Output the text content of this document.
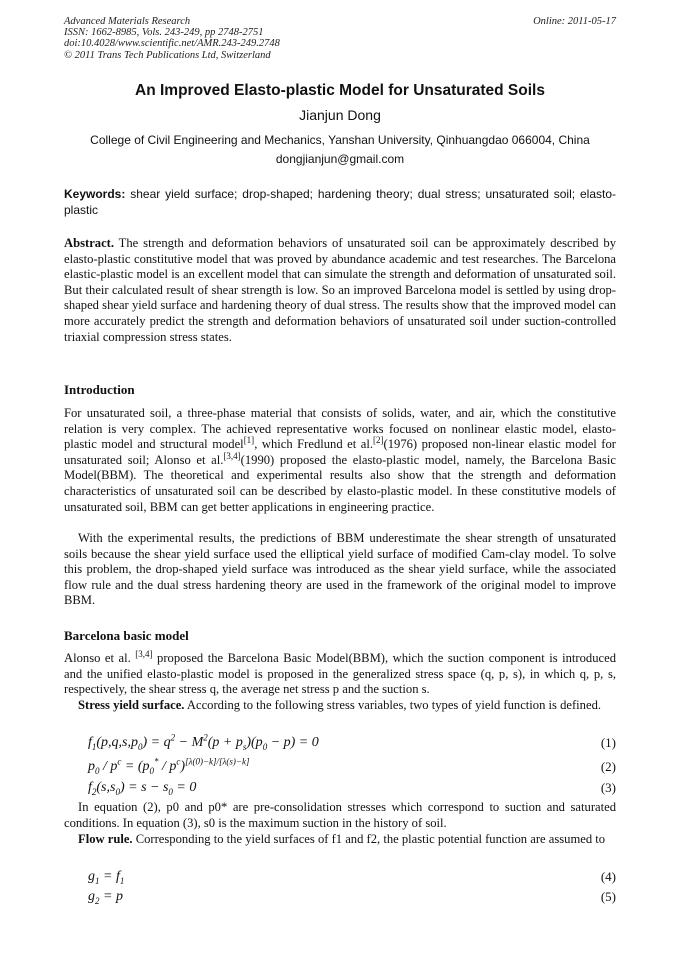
Advanced Materials Research
ISSN: 1662-8985, Vols. 243-249, pp 2748-2751
doi:10.4028/www.scientific.net/AMR.243-249.2748
© 2011 Trans Tech Publications Ltd, Switzerland
Online: 2011-05-17
An Improved Elasto-plastic Model for Unsaturated Soils
Jianjun Dong
College of Civil Engineering and Mechanics, Yanshan University, Qinhuangdao 066004, China
dongjianjun@gmail.com
Keywords: shear yield surface; drop-shaped; hardening theory; dual stress; unsaturated soil; elasto-plastic

Abstract. The strength and deformation behaviors of unsaturated soil can be approximately described by elasto-plastic constitutive model that was proved by abundance academic and test researches. The Barcelona elastic-plastic model is an excellent model that can simulate the strength and deformation of unsaturated soil. But their calculated result of shear strength is low. So an improved Barcelona model is settled by using drop-shaped shear yield surface and hardening theory of dual stress. The results show that the improved model can more accurately predict the strength and deformation behaviors of unsaturated soil under suction-controlled triaxial compression stress states.

Introduction

For unsaturated soil, a three-phase material that consists of solids, water, and air, which the constitutive relation is very complex. The achieved representative works focused on nonlinear elastic model, elasto-plastic model and structural model[1], which Fredlund et al.[2](1976) proposed non-linear elastic model for unsaturated soil; Alonso et al.[3,4](1990) proposed the elasto-plastic model, namely, the Barcelona Basic Model(BBM). The theoretical and experimental results also show that the strength and deformation characteristics of unsaturated soil can be described by elasto-plastic model. In these constitutive models of unsaturated soil, BBM can get better applications in engineering practice.

With the experimental results, the predictions of BBM underestimate the shear strength of unsaturated soils because the shear yield surface used the elliptical yield surface of modified Cam-clay model. To solve this problem, the drop-shaped yield surface was introduced as the shear yield surface, while the associated flow rule and the dual stress hardening theory are used in the framework of the original model to improve BBM.

Barcelona basic model

Alonso et al. [3,4] proposed the Barcelona Basic Model(BBM), which the suction component is introduced and the unified elasto-plastic model is proposed in the generalized stress space (q, p, s), in which q, p, s, respectively, the shear stress q, the average net stress p and the suction s.

Stress yield surface. According to the following stress variables, two types of yield function is defined.

$f_1(p,q,s,p_0) = q^2 - M^2(p + p_s)(p_0 - p) = 0$	(1)
$p_0 / p^c = (p_0^* / p^c)[\lambda(0)-k]/[\lambda(s)-k]$	(2)
$f_2(s,s_0) = s - s_0 = 0$	(3)

In equation (2), p0 and p0* are pre-consolidation stresses which correspond to suction and saturated conditions. In equation (3), s0 is the maximum suction in the history of soil.

Flow rule. Corresponding to the yield surfaces of f1 and f2, the plastic potential function are assumed to

$g_1 = f_1$	(4)
$g_2 = p$	(5)
